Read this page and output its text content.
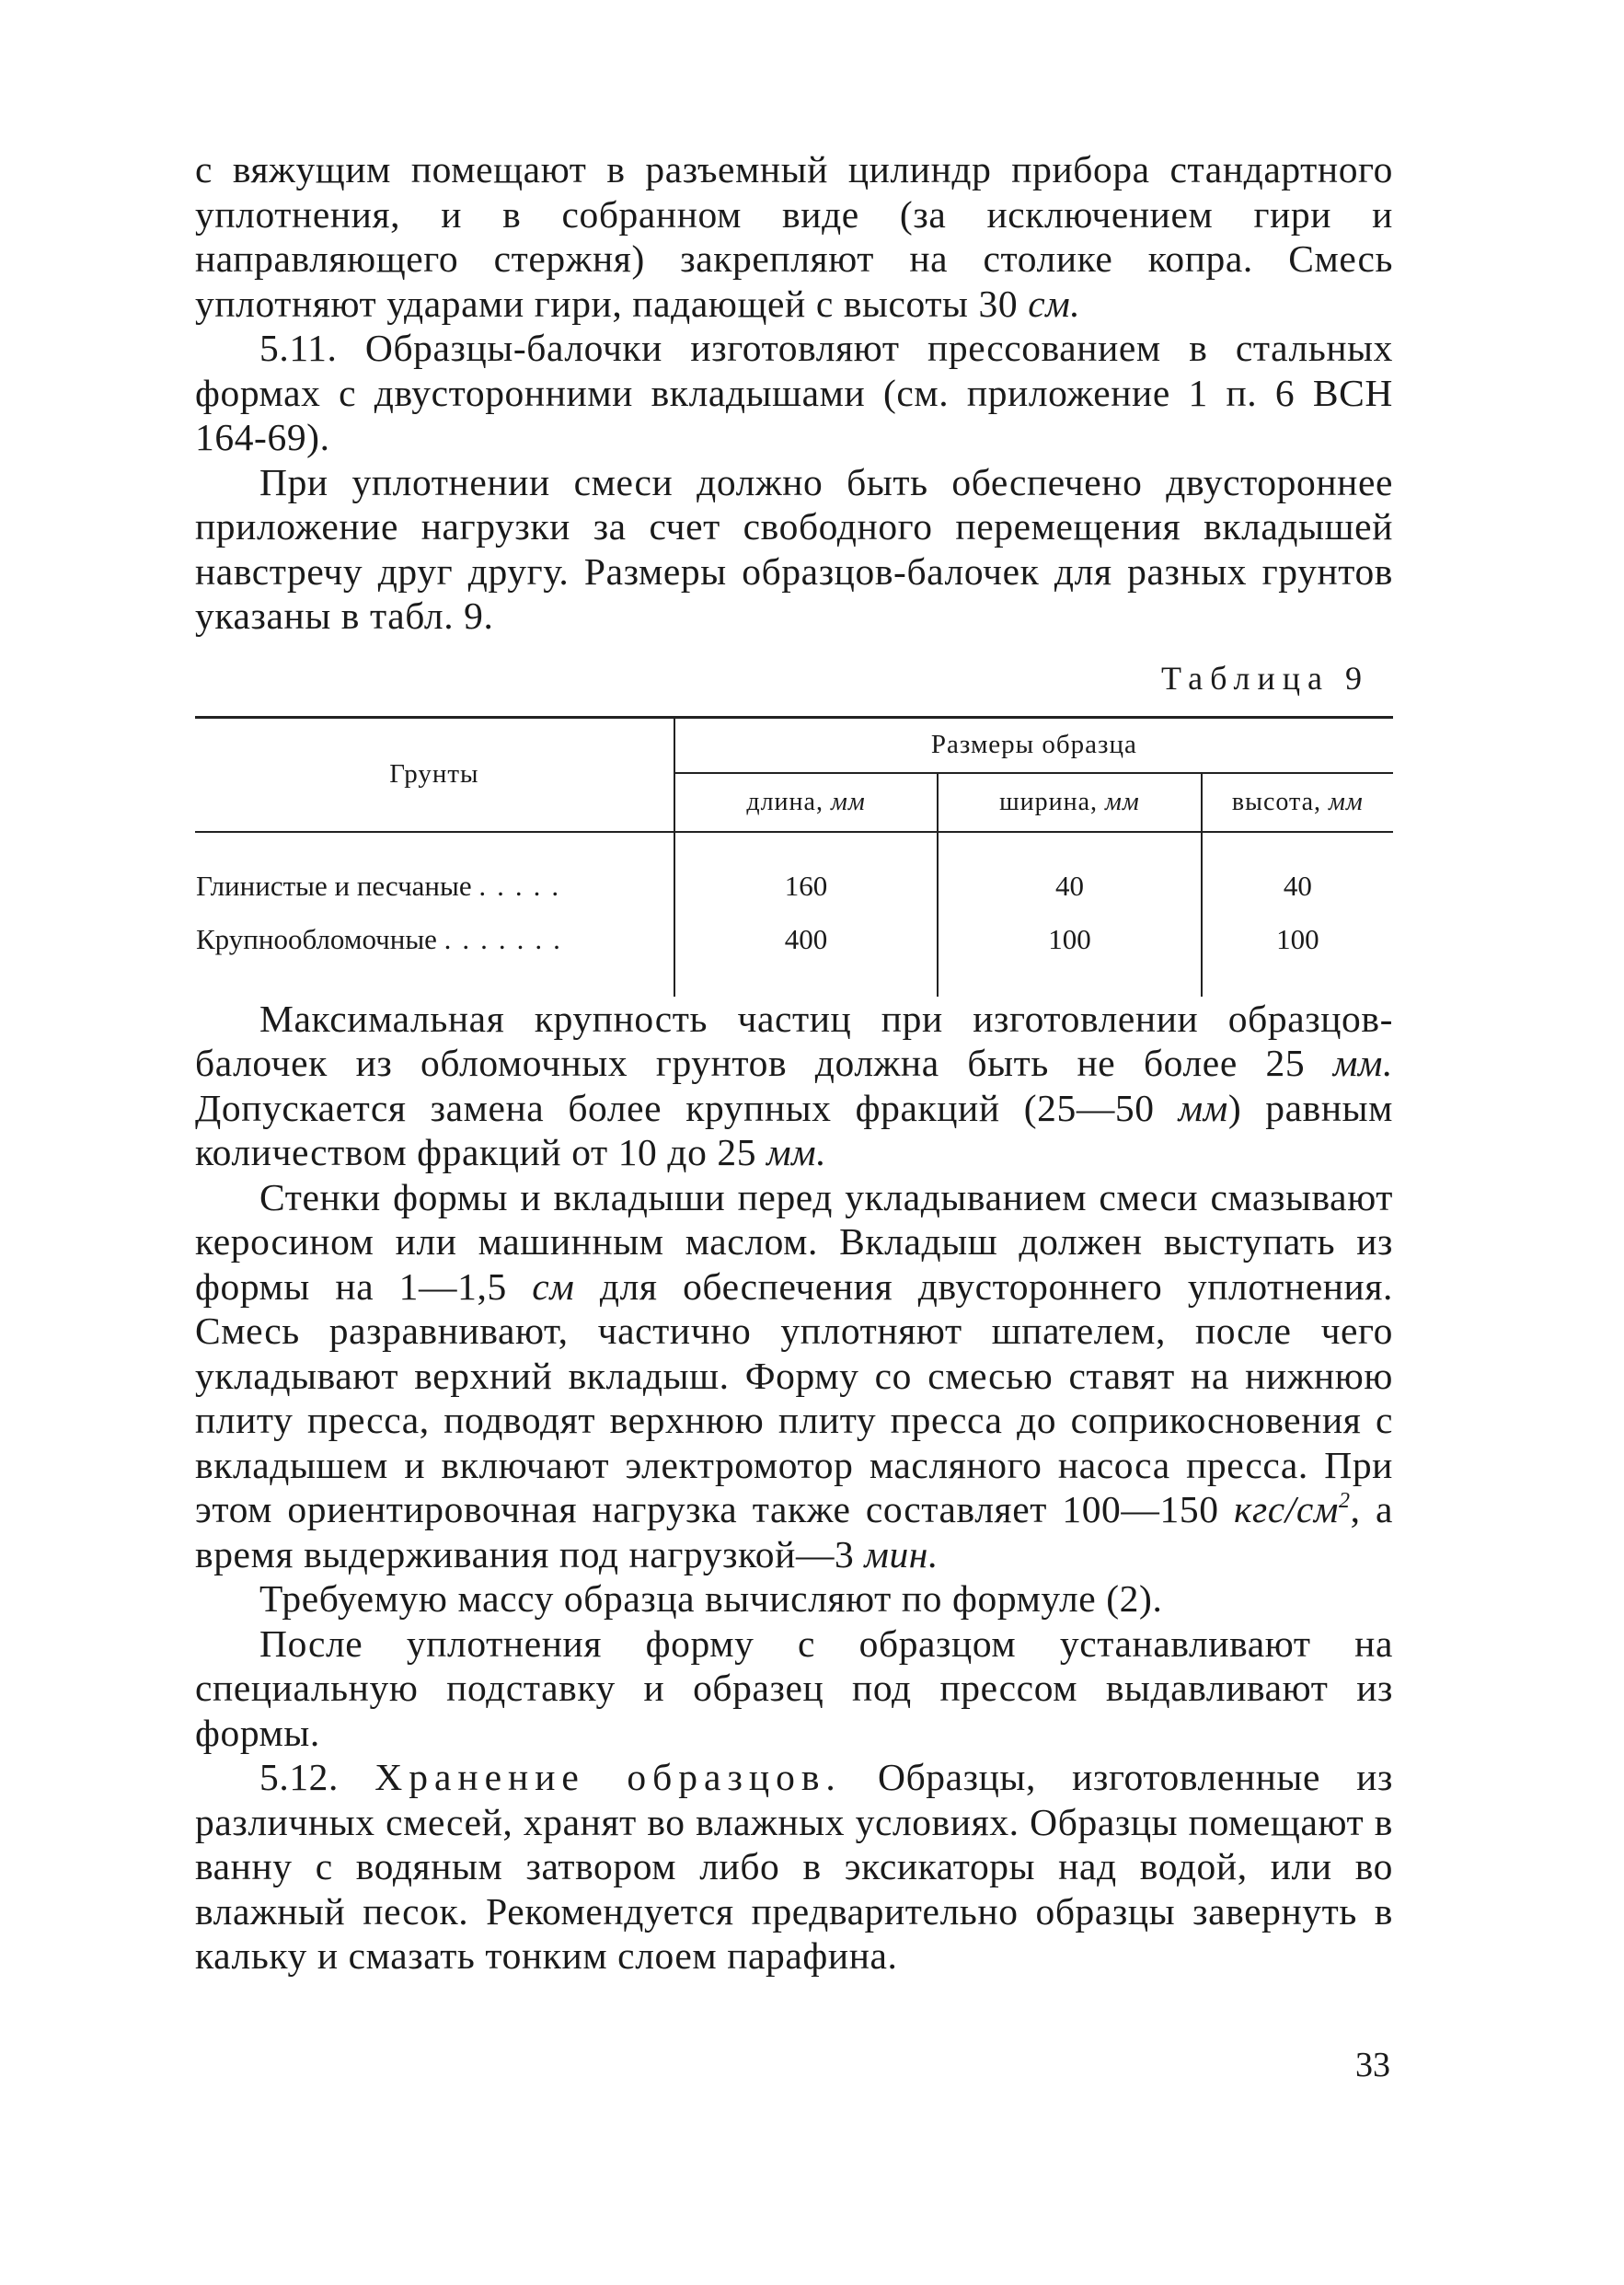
с вяжущим помещают в разъемный цилиндр прибора стандартного уплотнения, и в собранном виде (за исключением гири и направляющего стержня) закрепляют на столике копра. Смесь уплотняют ударами гири, падающей с высоты 30 см.

5.11. Образцы-балочки изготовляют прессованием в стальных формах с двусторонними вкладышами (см. приложение 1 п. 6 ВСН 164-69).

При уплотнении смеси должно быть обеспечено двустороннее приложение нагрузки за счет свободного перемещения вкладышей навстречу друг другу. Размеры образцов-балочек для разных грунтов указаны в табл. 9.

Таблица 9
Грунты	Размеры образца		
	длина, мм	ширина, мм	высота, мм
Глинистые и песчаные .....	160	40	40
Крупнообломочные .......	400	100	100

Максимальная крупность частиц при изготовлении образцов-балочек из обломочных грунтов должна быть не более 25 мм. Допускается замена более крупных фракций (25—50 мм) равным количеством фракций от 10 до 25 мм.

Стенки формы и вкладыши перед укладыванием смеси смазывают керосином или машинным маслом. Вкладыш должен выступать из формы на 1—1,5 см для обеспечения двустороннего уплотнения. Смесь разравнивают, частично уплотняют шпателем, после чего укладывают верхний вкладыш. Форму со смесью ставят на нижнюю плиту пресса, подводят верхнюю плиту пресса до соприкосновения с вкладышем и включают электромотор масляного насоса пресса. При этом ориентировочная нагрузка также составляет 100—150 кгс/$см^2$, а время выдерживания под нагрузкой—3 мин.

Требуемую массу образца вычисляют по формуле (2).

После уплотнения форму с образцом устанавливают на специальную подставку и образец под прессом выдавливают из формы.

5.12. Хранение образцов. Образцы, изготовленные из различных смесей, хранят во влажных условиях. Образцы помещают в ванну с водяным затвором либо в эксикаторы над водой, или во влажный песок. Рекомендуется предварительно образцы завернуть в кальку и смазать тонким слоем парафина.

33
